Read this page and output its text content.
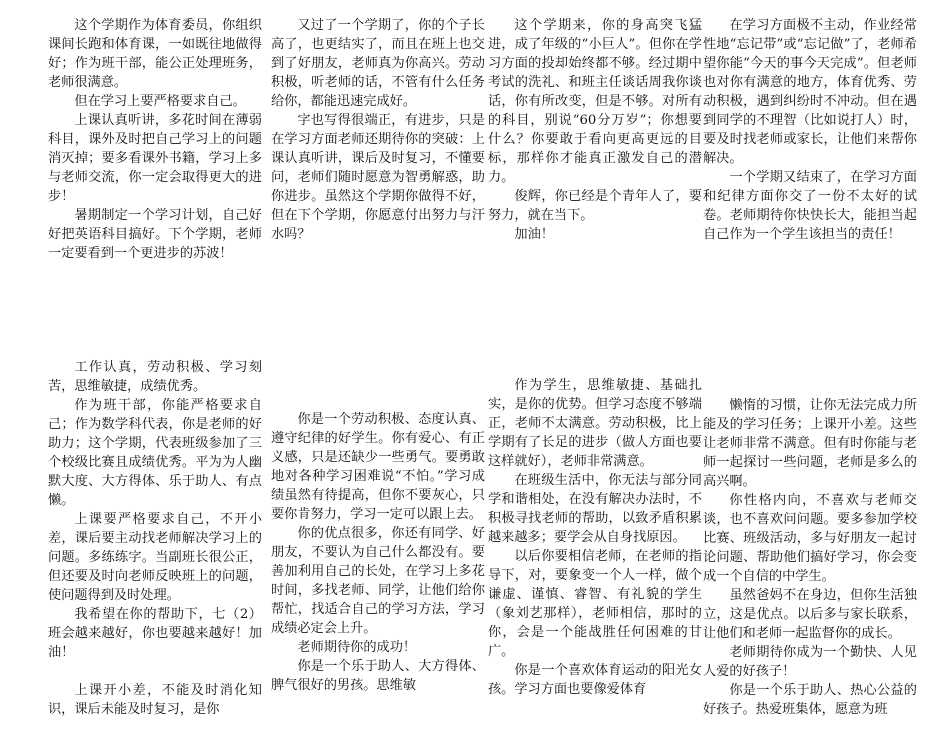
这个学期作为体育委员，你组织课间长跑和体育课，一如既往地做得好；作为班干部，能公正处理班务，老师很满意。

但在学习上要严格要求自己。

上课认真听讲，多花时间在薄弱科目，课外及时把自己学习上的问题消灭掉；要多看课外书籍，学习上多与老师交流，你一定会取得更大的进步！

暑期制定一个学习计划，自己好好把英语科目搞好。下个学期，老师一定要看到一个更进步的苏波！

又过了一个学期了，你的个子长高了，也更结实了，而且在班上也交到了好朋友，老师真为你高兴。劳动积极，听老师的话，不管有什么任务给你，都能迅速完成好。

字也写得很端正，有进步，只是在学习方面老师还期待你的突破：上课认真听讲，课后及时复习，不懂要问，老师们随时愿意为智勇解惑，助你进步。虽然这个学期你做得不好，但在下个学期，你愿意付出努力与汗水吗？

这个学期来，你的身高突飞猛进，成了年级的“小巨人”。但你在学习方面的投却始终都不够。经过期中考试的洗礼、和班主任谈话周我你谈话，你有所改变，但是不够。对所有的科目，别说“60分万岁”；你想要什么？你要敢于看向更高更远的目标，那样你才能真正激发自己的潜力。

俊辉，你已经是个青年人了，要努力，就在当下。

加油！

在学习方面极不主动，作业经常性地“忘记带”或“忘记做”了，老师希望你能“今天的事今天完成”。但老师也对你有满意的地方，体育优秀、劳动积极，遇到纠纷时不冲动。但在遇到同学的不理智（比如说打人）时，要及时找老师或家长，让他们来帮你解决。

一个学期又结束了，在学习方面和纪律方面你交了一份不太好的试卷。老师期待你快快长大，能担当起自己作为一个学生该担当的责任！

工作认真，劳动积极、学习刻苦，思维敏捷，成绩优秀。

作为班干部，你能严格要求自己；作为数学科代表，你是老师的好助力；这个学期，代表班级参加了三个校级比赛且成绩优秀。平为为人幽默大度、大方得体、乐于助人、有点懒。

上课要严格要求自己，不开小差，课后要主动找老师解决学习上的问题。多练练字。当副班长很公正，但还要及时向老师反映班上的问题，使问题得到及时处理。

我希望在你的帮助下，七（2）班会越来越好，你也要越来越好！加油！

上课开小差，不能及时消化知识，课后未能及时复习，是你

你是一个劳动积极、态度认真、遵守纪律的好学生。你有爱心、有正义感，只是还缺少一些勇气。要勇敢地对各种学习困难说“不怕。”学习成绩虽然有待提高，但你不要灰心，只要你肯努力，学习一定可以跟上去。

你的优点很多，你还有同学、好朋友，不要认为自己什么都没有。要善加利用自己的长处，在学习上多花时间，多找老师、同学，让他们给你帮忙，找适合自己的学习方法，学习成绩必定会上升。

老师期待你的成功！

你是一个乐于助人、大方得体、脾气很好的男孩。思维敏

作为学生，思维敏捷、基础扎实，是你的优势。但学习态度不够端正，老师不太满意。劳动积极，比上学期有了长足的进步（做人方面也要这样就好），老师非常满意。

在班级生活中，你无法与部分同学和谐相处，在没有解决办法时，不积极寻找老师的帮助，以致矛盾积累越来越多；要学会从自身找原因。

以后你要相信老师，在老师的指导下，对，要象变一个人一样，做个谦虚、谨慎、睿智、有礼貌的学生（象刘艺那样），老师相信，那时的你，会是一个能战胜任何困难的甘广。

你是一个喜欢体育运动的阳光女孩。学习方面也要像爱体育

懒惰的习惯，让你无法完成力所能及的学习任务；上课开小差。这些让老师非常不满意。但有时你能与老师一起探讨一些问题，老师是多么的高兴啊。

你性格内向，不喜欢与老师交谈，也不喜欢问问题。要多参加学校比赛、班级活动，多与好朋友一起讨论问题、帮助他们搞好学习，你会变成一个自信的中学生。

虽然爸妈不在身边，但你生活独立，这是优点。以后多与家长联系，让他们和老师一起监督你的成长。

老师期待你成为一个勤快、人见人爱的好孩子！

你是一个乐于助人、热心公益的好孩子。热爱班集体，愿意为班
